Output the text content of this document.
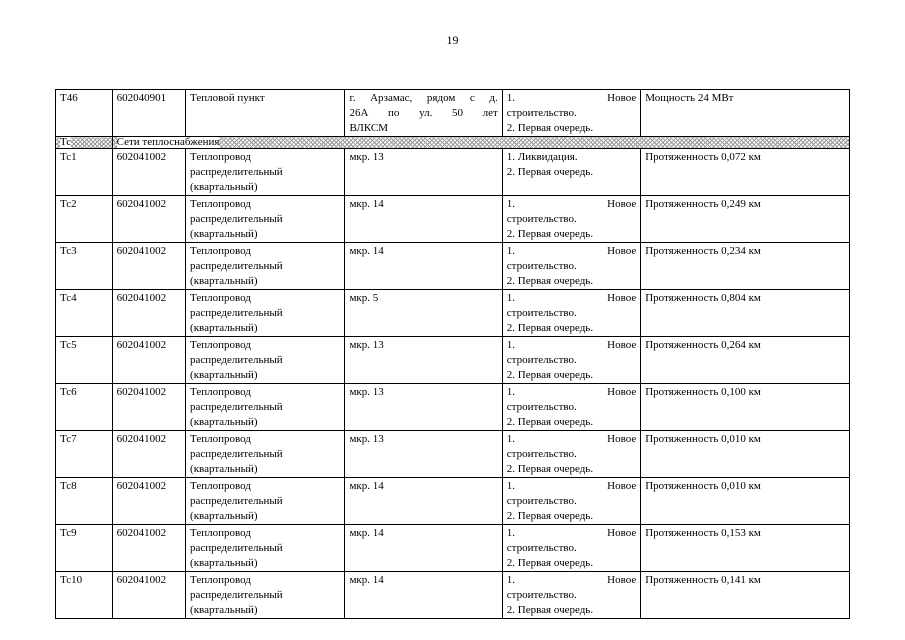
19
Т46	602040901	Тепловой пункт	г. Арзамас, рядом с д.
26А по ул. 50 лет
ВЛКСМ	1. Новое
строительство.
2. Первая очередь.	Мощность 24 МВт
Тс	Сети теплоснабжения				
Тс1	602041002	Теплопровод
распределительный
(квартальный)	мкр. 13	1. Ликвидация.
2. Первая очередь.	Протяженность 0,072 км
Тс2	602041002	Теплопровод
распределительный
(квартальный)	мкр. 14	1. Новое
строительство.
2. Первая очередь.	Протяженность 0,249 км
Тс3	602041002	Теплопровод
распределительный
(квартальный)	мкр. 14	1. Новое
строительство.
2. Первая очередь.	Протяженность 0,234 км
Тс4	602041002	Теплопровод
распределительный
(квартальный)	мкр. 5	1. Новое
строительство.
2. Первая очередь.	Протяженность 0,804 км
Тс5	602041002	Теплопровод
распределительный
(квартальный)	мкр. 13	1. Новое
строительство.
2. Первая очередь.	Протяженность 0,264 км
Тс6	602041002	Теплопровод
распределительный
(квартальный)	мкр. 13	1. Новое
строительство.
2. Первая очередь.	Протяженность 0,100 км
Тс7	602041002	Теплопровод
распределительный
(квартальный)	мкр. 13	1. Новое
строительство.
2. Первая очередь.	Протяженность 0,010 км
Тс8	602041002	Теплопровод
распределительный
(квартальный)	мкр. 14	1. Новое
строительство.
2. Первая очередь.	Протяженность 0,010 км
Тс9	602041002	Теплопровод
распределительный
(квартальный)	мкр. 14	1. Новое
строительство.
2. Первая очередь.	Протяженность 0,153 км
Тс10	602041002	Теплопровод
распределительный
(квартальный)	мкр. 14	1. Новое
строительство.
2. Первая очередь.	Протяженность 0,141 км
